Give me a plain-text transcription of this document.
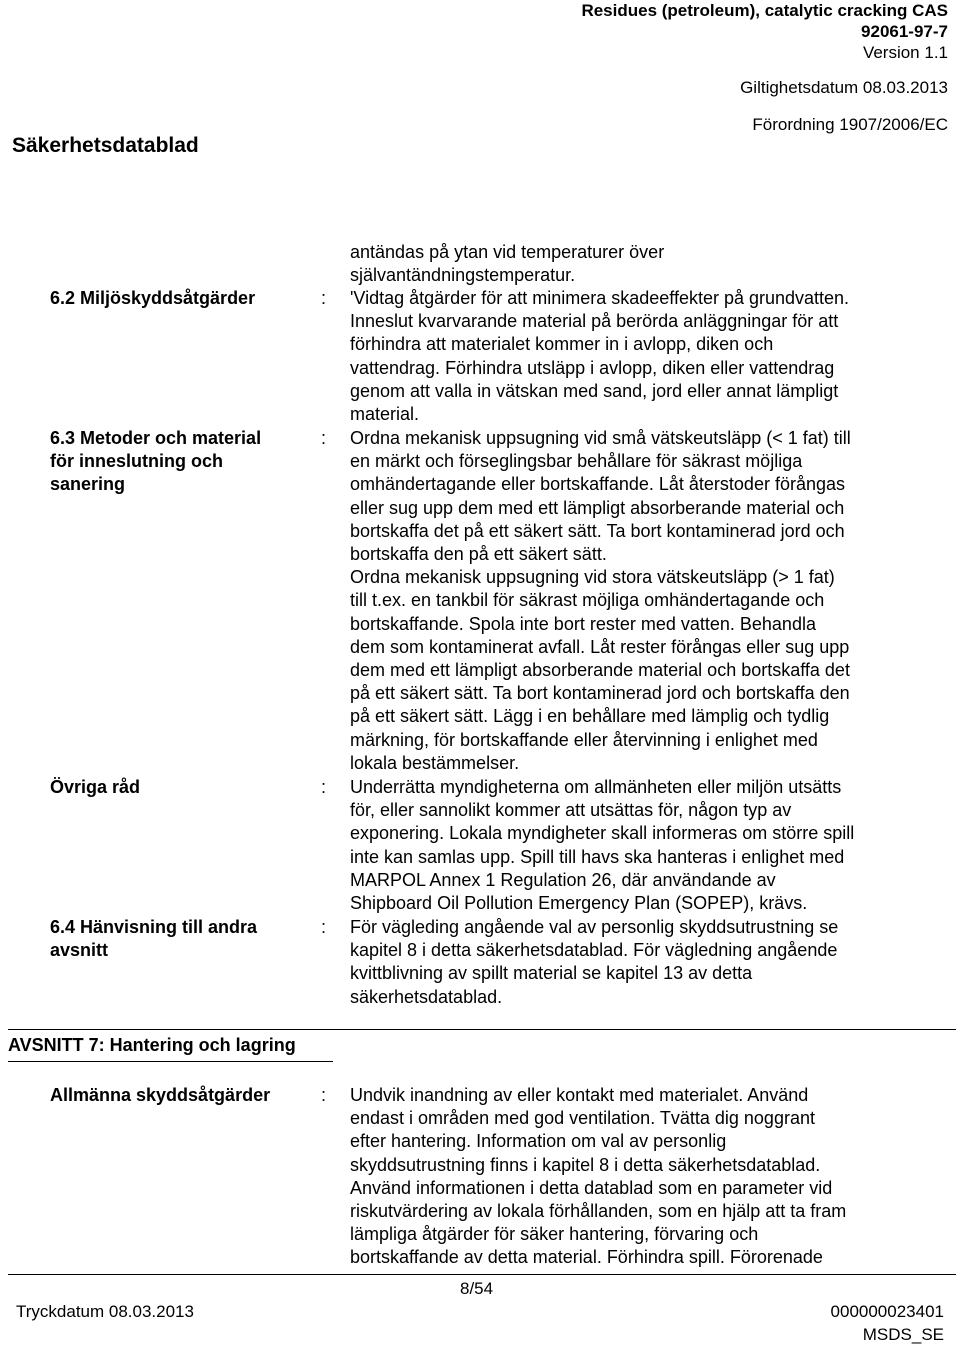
Residues (petroleum), catalytic cracking CAS
92061-97-7
Version 1.1
Giltighetsdatum 08.03.2013
Förordning 1907/2006/EC
Säkerhetsdatablad
antändas på ytan vid temperaturer över
självantändningstemperatur.
6.2 Miljöskyddsåtgärder	: 'Vidtag åtgärder för att minimera skadeeffekter på grundvatten.
Inneslut kvarvarande material på berörda anläggningar för att
förhindra att materialet kommer in i avlopp, diken och
vattendrag. Förhindra utsläpp i avlopp, diken eller vattendrag
genom att valla in vätskan med sand, jord eller annat lämpligt
material.
6.3 Metoder och material
för inneslutning och
sanering
: Ordna mekanisk uppsugning vid små vätskeutsläpp (< 1 fat) till
en märkt och förseglingsbar behållare för säkrast möjliga
omhändertagande eller bortskaffande. Låt återstoder förångas
eller sug upp dem med ett lämpligt absorberande material och
bortskaffa det på ett säkert sätt. Ta bort kontaminerad jord och
bortskaffa den på ett säkert sätt.
Ordna mekanisk uppsugning vid stora vätskeutsläpp (> 1 fat)
till t.ex. en tankbil för säkrast möjliga omhändertagande och
bortskaffande. Spola inte bort rester med vatten. Behandla
dem som kontaminerat avfall. Låt rester förångas eller sug upp
dem med ett lämpligt absorberande material och bortskaffa det
på ett säkert sätt. Ta bort kontaminerad jord och bortskaffa den
på ett säkert sätt. Lägg i en behållare med lämplig och tydlig
märkning, för bortskaffande eller återvinning i enlighet med
lokala bestämmelser.
Övriga råd	: Underrätta myndigheterna om allmänheten eller miljön utsätts
för, eller sannolikt kommer att utsättas för, någon typ av
exponering. Lokala myndigheter skall informeras om större spill
inte kan samlas upp. Spill till havs ska hanteras i enlighet med
MARPOL Annex 1 Regulation 26, där användande av
Shipboard Oil Pollution Emergency Plan (SOPEP), krävs.
6.4 Hänvisning till andra
avsnitt
: För vägleding angående val av personlig skyddsutrustning se
kapitel 8 i detta säkerhetsdatablad. För vägledning angående
kvittblivning av spillt material se kapitel 13 av detta
säkerhetsdatablad.
AVSNITT 7: Hantering och lagring
Allmänna skyddsåtgärder	: Undvik inandning av eller kontakt med materialet. Använd
endast i områden med god ventilation. Tvätta dig noggrant
efter hantering. Information om val av personlig
skyddsutrustning finns i kapitel 8 i detta säkerhetsdatablad.
Använd informationen i detta datablad som en parameter vid
riskutvärdering av lokala förhållanden, som en hjälp att ta fram
lämpliga åtgärder för säker hantering, förvaring och
bortskaffande av detta material. Förhindra spill. Förorenade
8/54
Tryckdatum 08.03.2013	000000023401
MSDS_SE
